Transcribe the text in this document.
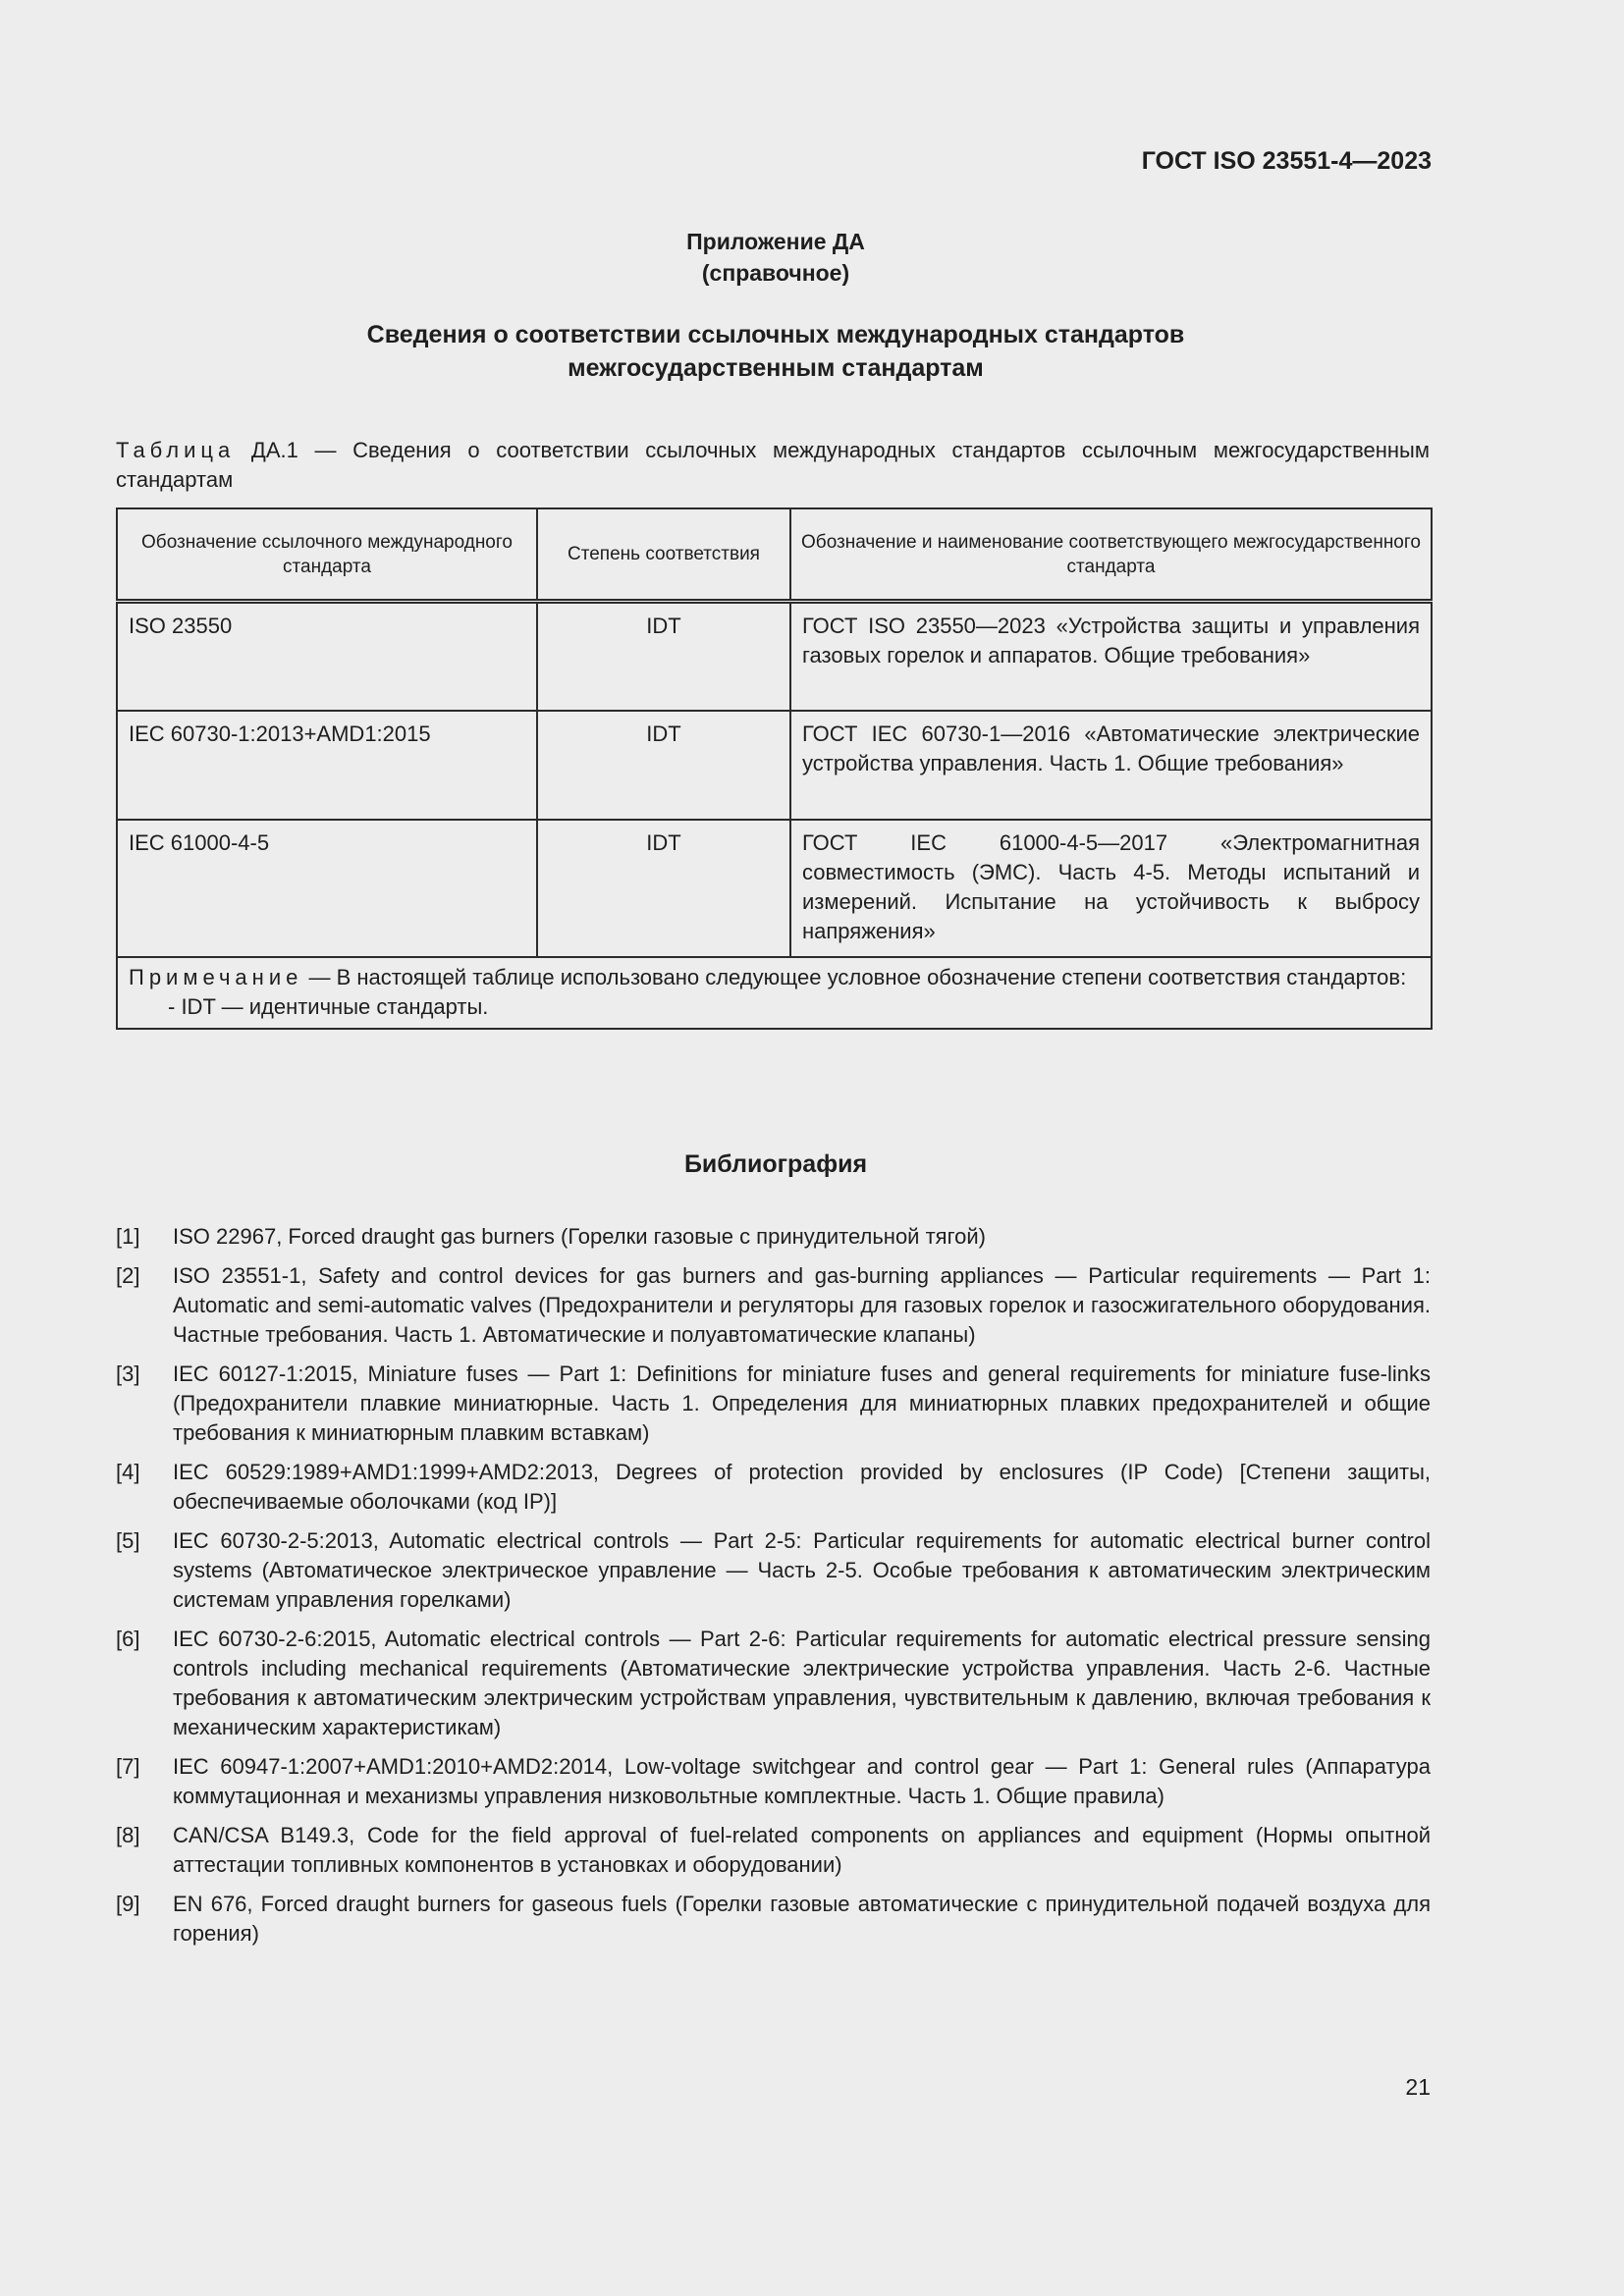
ГОСТ ISO 23551-4—2023
Приложение ДА
(справочное)
Сведения о соответствии ссылочных международных стандартов
межгосударственным стандартам
Таблица ДА.1 — Сведения о соответствии ссылочных международных стандартов ссылочным межгосударственным стандартам
Обозначение ссылочного международного стандарта	Степень соответствия	Обозначение и наименование соответствующего межгосударственного стандарта
ISO 23550	IDT	ГОСТ ISO 23550—2023 «Устройства защиты и управления газовых горелок и аппаратов. Общие требования»
IEC 60730-1:2013+AMD1:2015	IDT	ГОСТ IEC 60730-1—2016 «Автоматические электрические устройства управления. Часть 1. Общие требования»
IEC 61000-4-5	IDT	ГОСТ IEC 61000-4-5—2017 «Электромагнитная совместимость (ЭМС). Часть 4-5. Методы испытаний и измерений. Испытание на устойчивость к выбросу напряжения»

Примечание — В настоящей таблице использовано следующее условное обозначение степени соответствия стандартов:
- IDT — идентичные стандарты.		
Библиография
[1] ISO 22967, Forced draught gas burners (Горелки газовые с принудительной тягой)
[2] ISO 23551-1, Safety and control devices for gas burners and gas-burning appliances — Particular requirements — Part 1: Automatic and semi-automatic valves (Предохранители и регуляторы для газовых горелок и газосжигательного оборудования. Частные требования. Часть 1. Автоматические и полуавтоматические клапаны)
[3] IEC 60127-1:2015, Miniature fuses — Part 1: Definitions for miniature fuses and general requirements for miniature fuse-links (Предохранители плавкие миниатюрные. Часть 1. Определения для миниатюрных плавких предохранителей и общие требования к миниатюрным плавким вставкам)
[4] IEC 60529:1989+AMD1:1999+AMD2:2013, Degrees of protection provided by enclosures (IP Code) [Степени защиты, обеспечиваемые оболочками (код IP)]
[5] IEC 60730-2-5:2013, Automatic electrical controls — Part 2-5: Particular requirements for automatic electrical burner control systems (Автоматическое электрическое управление — Часть 2-5. Особые требования к автоматическим электрическим системам управления горелками)
[6] IEC 60730-2-6:2015, Automatic electrical controls — Part 2-6: Particular requirements for automatic electrical pressure sensing controls including mechanical requirements (Автоматические электрические устройства управления. Часть 2-6. Частные требования к автоматическим электрическим устройствам управления, чувствительным к давлению, включая требования к механическим характеристикам)
[7] IEC 60947-1:2007+AMD1:2010+AMD2:2014, Low-voltage switchgear and control gear — Part 1: General rules (Аппаратура коммутационная и механизмы управления низковольтные комплектные. Часть 1. Общие правила)
[8] CAN/CSA B149.3, Code for the field approval of fuel-related components on appliances and equipment (Нормы опытной аттестации топливных компонентов в установках и оборудовании)
[9] EN 676, Forced draught burners for gaseous fuels (Горелки газовые автоматические с принудительной подачей воздуха для горения)
21
